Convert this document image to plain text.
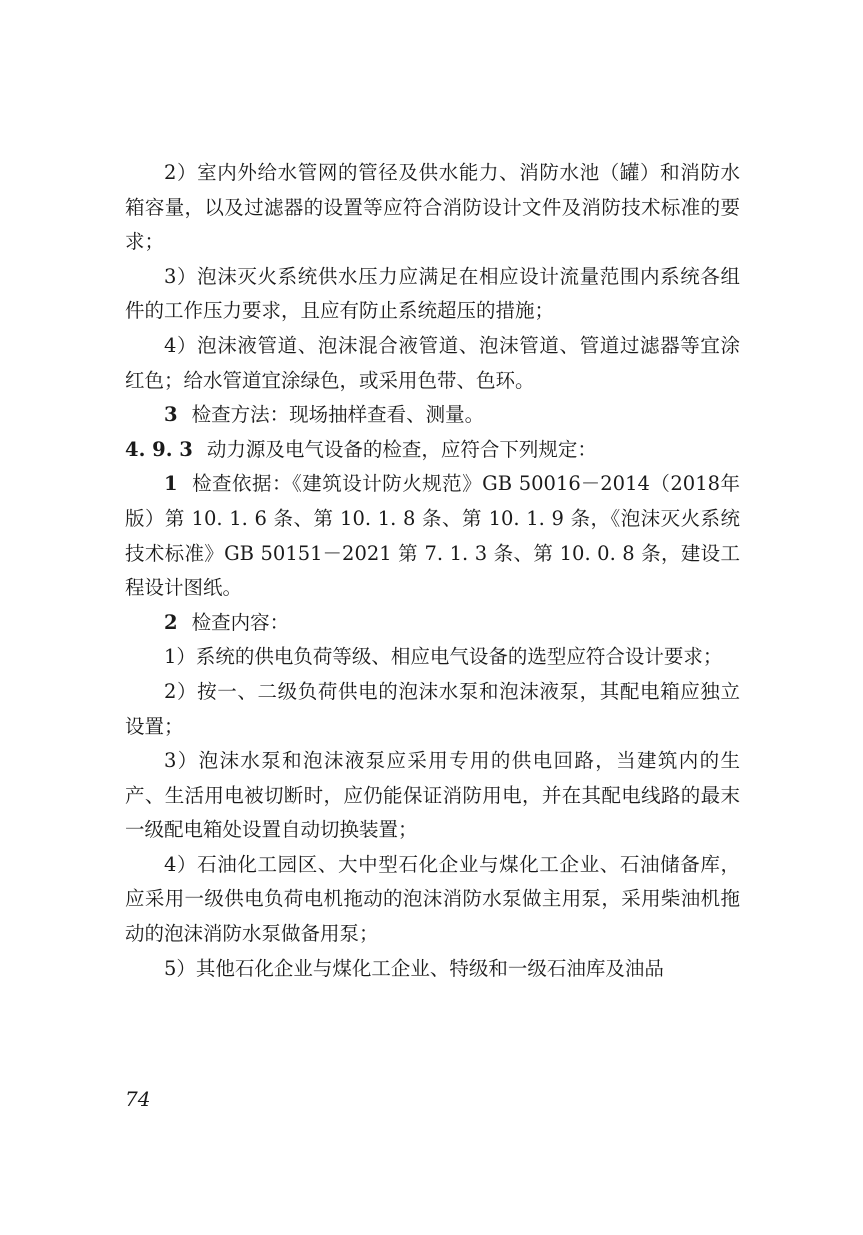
2）室内外给水管网的管径及供水能力、消防水池（罐）和消防水箱容量，以及过滤器的设置等应符合消防设计文件及消防技术标准的要求；

3）泡沫灭火系统供水压力应满足在相应设计流量范围内系统各组件的工作压力要求，且应有防止系统超压的措施；

4）泡沫液管道、泡沫混合液管道、泡沫管道、管道过滤器等宜涂红色；给水管道宜涂绿色，或采用色带、色环。

3 检查方法：现场抽样查看、测量。

4. 9. 3 动力源及电气设备的检查，应符合下列规定：

1 检查依据：《建筑设计防火规范》GB 50016－2014（2018年版）第 10. 1. 6 条、第 10. 1. 8 条、第 10. 1. 9 条，《泡沫灭火系统技术标准》GB 50151－2021 第 7. 1. 3 条、第 10. 0. 8 条，建设工程设计图纸。

2 检查内容：

1）系统的供电负荷等级、相应电气设备的选型应符合设计要求；

2）按一、二级负荷供电的泡沫水泵和泡沫液泵，其配电箱应独立设置；

3）泡沫水泵和泡沫液泵应采用专用的供电回路，当建筑内的生产、生活用电被切断时，应仍能保证消防用电，并在其配电线路的最末一级配电箱处设置自动切换装置；

4）石油化工园区、大中型石化企业与煤化工企业、石油储备库，应采用一级供电负荷电机拖动的泡沫消防水泵做主用泵，采用柴油机拖动的泡沫消防水泵做备用泵；

5）其他石化企业与煤化工企业、特级和一级石油库及油品

74
